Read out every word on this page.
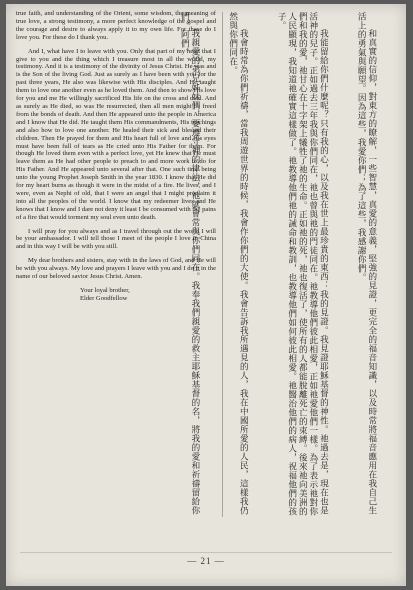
true faith, and understanding of the Orient, some wisdom, the meaning of true love, a strong testimony, a more perfect knowledge of the gospel and the courage and desire to always apply it to my own life. For these do I love you. For these do I thank you.

And I, what have I to leave with you. Only that part of my heart that I give to you and the thing which I treasure most in all the world, my testimony. And it is a testimony of the divinity of Jesus Christ. He was and is the Son of the living God. Just as surely as I have been with you for the past three years, He also was likewise with His disciples. And He taught them to love one another even as he loved them. And then to show His love for you and me He willingly sacrificed His life on the cross and died. And as surely as He died, so was He resurrected, then all men might be freed from the bonds of death. And then He appeared unto the people in America and I know that He did. He taught them His commandments, His teachings and also how to love one another. He healed their sick and blessed their children. Then He prayed for them and His heart full of love and His eyes must have been full of tears as He cried unto His Father for them. For though He loved them even with a perfect love, yet He knew that He must leave them as He had other people to preach to and more work to do for His Father. And He appeared unto several after that. One such time being unto the young Prophet Joseph Smith in the year 1830. I know that He did for my heart burns as though it were in the midst of a fire. He lives, and I were, even as Nephi of old, that I were an angel that I might proclaim it into all the peoples of the world. I know that my redeemer lives and He knows that I know and I dare not deny it least I be consumed with the pains of a fire that would torment my soul even unto death.

I will pray for you always and as I travel through out the world I will be your ambassador. I will tell those I meet of the people I love in China and in this way I will be with you still.

My dear brothers and sisters, stay with in the laws of God, and He will be with you always. My love and prayers I leave with you and I do it in the name of our beloved savior Jesus Christ. Amen.

Your loyal brother,
Elder Goodfellow

	和真實的信仰，對東方的瞭解，一些智慧，真愛的意義，堅強的見證，更完全的福音知識，以及時常將福音應用在我自己生活上的勇氣與願望。因為這些，我愛你們；為了這些，我感謝你們。

我能留給你們什麼呢？只有我的心，以及我在世上最珍貴的東西：我的見證。我見證耶穌基督的神性。祂過去是，現在也是活神的兒子。正如過去三年我與你們同在，祂也曾與祂的門徒同在。祂教導他們彼此相愛，正如祂愛他們一樣。為了表示祂對你們和我的愛，祂甘心在十字架上犧牲了祂的生命。正如祂的死，祂也復活了，使所有的人都能脫離死亡的束縛。後來祂向美洲的人民顯現，我知道祂確實這樣做了。祂教導他們祂的誡命和教訓，也教導他們如何彼此相愛。祂醫治他們的病人，祝福他們的孩子。

我會時常為你們祈禱，當我周遊世界的時候，我會作你們的大使。我會告訴我所遇見的人，我在中國所愛的人民，這樣我仍然與你們同在。

我親愛的弟兄姊妹們，要遵守神的律法，祂就會常與你們同在。我奉我們親愛的救主耶穌基督的名，將我的愛和祈禱留給你們。阿們。

— 21 —
